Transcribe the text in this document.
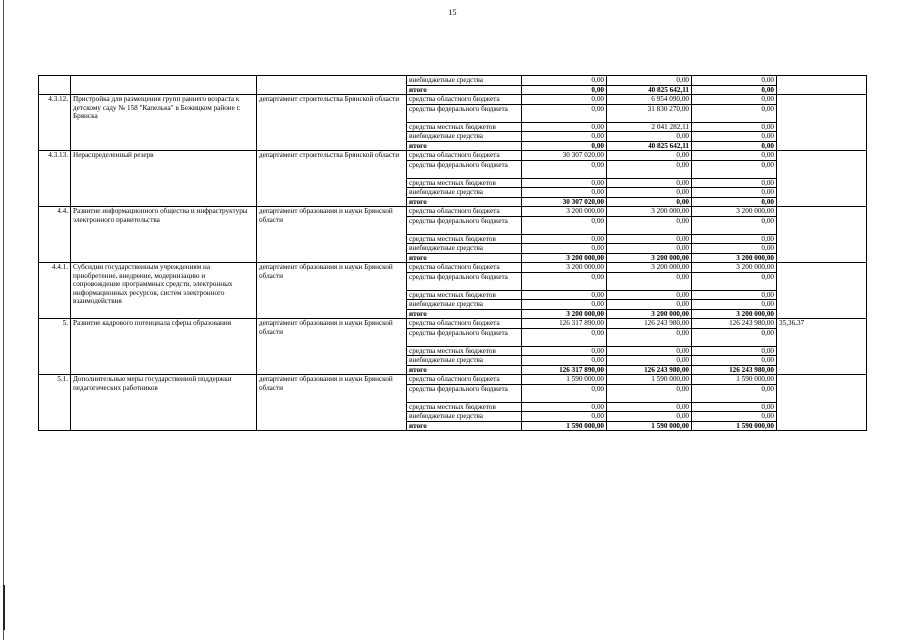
15
			внебюджетные средства	0,00	0,00	0,00	
			итого	0,00	40 825 642,11	0,00	
4.3.12.	Пристройка для размещения групп раннего возраста к детскому саду № 158 "Капелька" в Бежицком районе г. Брянска	департамент строительства Брянской области	средства областного бюджета	0,00	6 954 090,00	0,00	
			средства федерального бюджета	0,00	31 830 270,00	0,00	
			средства местных бюджетов	0,00	2 041 282,11	0,00	
			внебюджетные средства	0,00	0,00	0,00	
			итого	0,00	40 825 642,11	0,00	
4.3.13.	Нераспределенный резерв	департамент строительства Брянской области	средства областного бюджета	30 307 020,00	0,00	0,00	
			средства федерального бюджета	0,00	0,00	0,00	
			средства местных бюджетов	0,00	0,00	0,00	
			внебюджетные средства	0,00	0,00	0,00	
			итого	30 307 020,00	0,00	0,00	
4.4.	Развитие информационного общества и инфраструктуры электронного правительства	департамент образования и науки Брянской области	средства областного бюджета	3 200 000,00	3 200 000,00	3 200 000,00	
			средства федерального бюджета	0,00	0,00	0,00	
			средства местных бюджетов	0,00	0,00	0,00	
			внебюджетные средства	0,00	0,00	0,00	
			итого	3 200 000,00	3 200 000,00	3 200 000,00	
4.4.1.	Субсидии государственным учреждениям на приобретение, внедрение, модернизацию и сопровождение программных средств, электронных информационных ресурсов, систем электронного взаимодействия	департамент образования и науки Брянской области	средства областного бюджета	3 200 000,00	3 200 000,00	3 200 000,00	
			средства федерального бюджета	0,00	0,00	0,00	
			средства местных бюджетов	0,00	0,00	0,00	
			внебюджетные средства	0,00	0,00	0,00	
			итого	3 200 000,00	3 200 000,00	3 200 000,00	
5.	Развитие кадрового потенциала сферы образования	департамент образования и науки Брянской области	средства областного бюджета	126 317 890,00	126 243 980,00	126 243 980,00	35,36,37
			средства федерального бюджета	0,00	0,00	0,00	
			средства местных бюджетов	0,00	0,00	0,00	
			внебюджетные средства	0,00	0,00	0,00	
			итого	126 317 890,00	126 243 980,00	126 243 980,00	
5.1.	Дополнительные меры государственной поддержки педагогических работников	департамент образования и науки Брянской области	средства областного бюджета	1 590 000,00	1 590 000,00	1 590 000,00	
			средства федерального бюджета	0,00	0,00	0,00	
			средства местных бюджетов	0,00	0,00	0,00	
			внебюджетные средства	0,00	0,00	0,00	
			итого	1 590 000,00	1 590 000,00	1 590 000,00	
